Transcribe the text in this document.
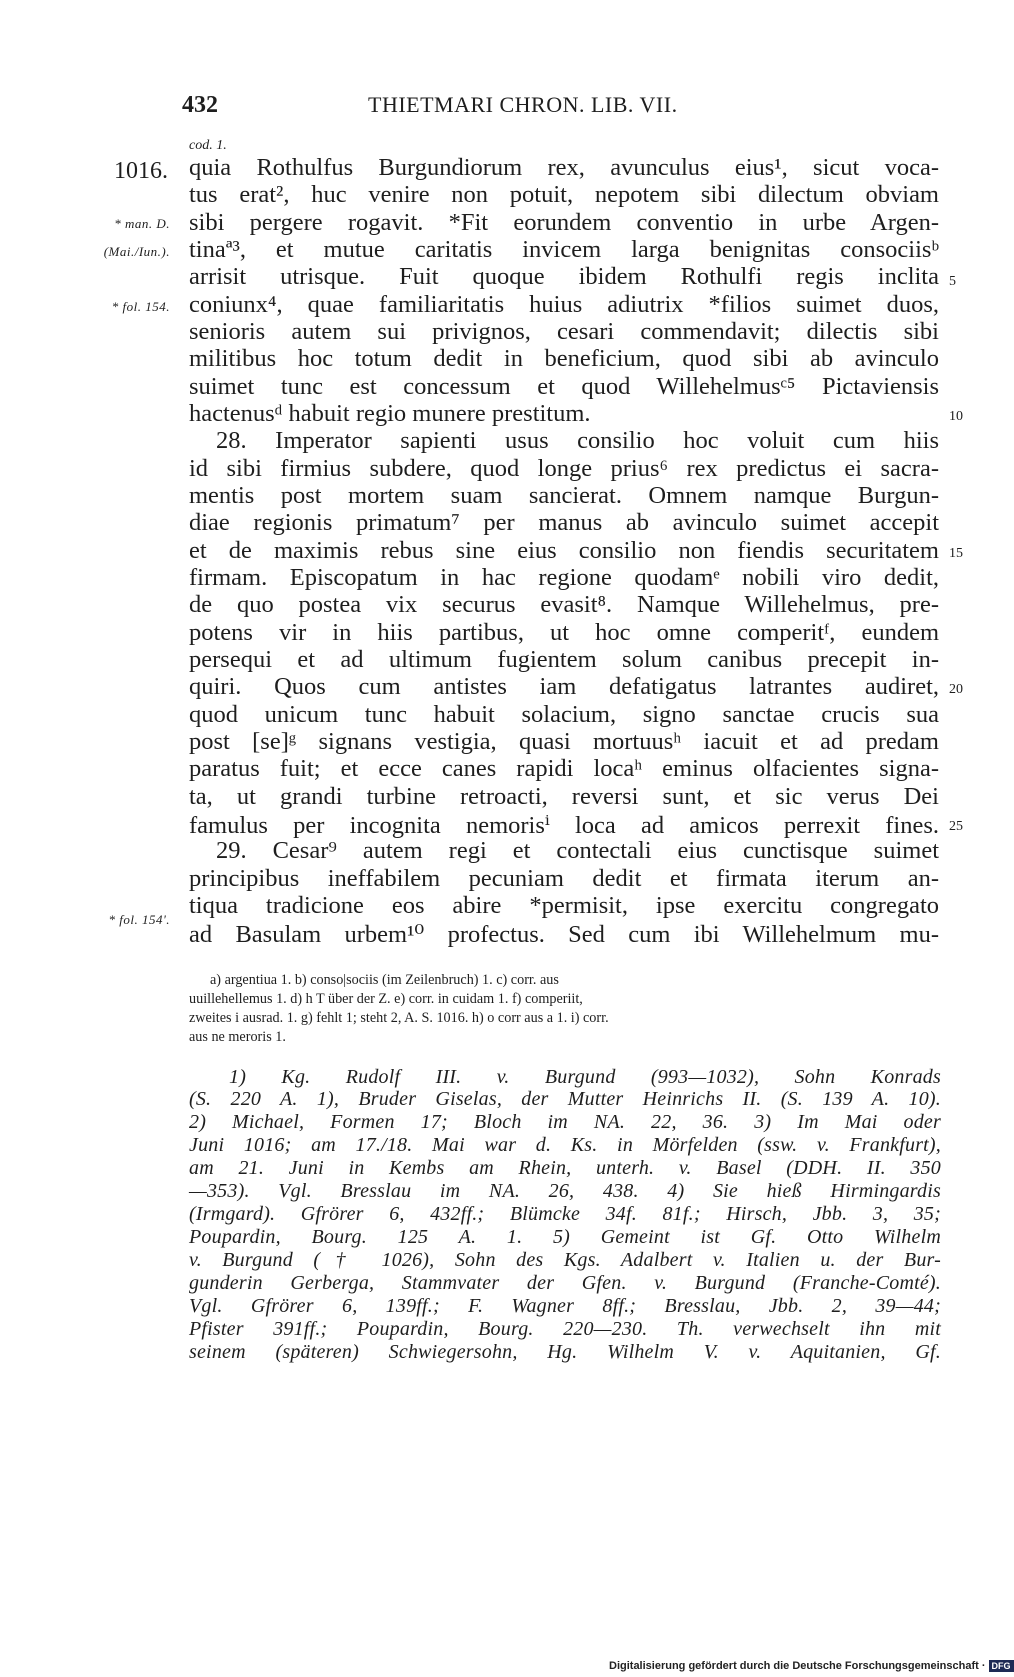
432	THIETMARI CHRON. LIB. VII.
cod. 1.
1016.
* man. D.
(Mai./Iun.).
* fol. 154.
* fol. 154'.
5
10
15
20
25
quia Rothulfus Burgundiorum rex, avunculus eius¹, sicut voca-
tus erat², huc venire non potuit, nepotem sibi dilectum obviam
sibi pergere rogavit. *Fit eorundem conventio in urbe Argen-
tinaª³, et mutue caritatis invicem larga benignitas consociisᵇ
arrisit utrisque. Fuit quoque ibidem Rothulfi regis inclita
coniunx⁴, quae familiaritatis huius adiutrix *filios suimet duos,
senioris autem sui privignos, cesari commendavit; dilectis sibi
militibus hoc totum dedit in beneficium, quod sibi ab avinculo
suimet tunc est concessum et quod Willehelmusᶜ⁵ Pictaviensis
hactenusᵈ habuit regio munere prestitum.
28. Imperator sapienti usus consilio hoc voluit cum hiis
id sibi firmius subdere, quod longe prius⁶ rex predictus ei sacra-
mentis post mortem suam sancierat. Omnem namque Burgun-
diae regionis primatum⁷ per manus ab avinculo suimet accepit
et de maximis rebus sine eius consilio non fiendis securitatem
firmam. Episcopatum in hac regione quodamᵉ nobili viro dedit,
de quo postea vix securus evasit⁸. Namque Willehelmus, pre-
potens vir in hiis partibus, ut hoc omne comperitᶠ, eundem
persequi et ad ultimum fugientem solum canibus precepit in-
quiri. Quos cum antistes iam defatigatus latrantes audiret,
quod unicum tunc habuit solacium, signo sanctae crucis sua
post [se]ᵍ signans vestigia, quasi mortuusʰ iacuit et ad predam
paratus fuit; et ecce canes rapidi locaʰ eminus olfacientes signa-
ta, ut grandi turbine retroacti, reversi sunt, et sic verus Dei
famulus per incognita nemorisⁱ loca ad amicos perrexit fines.
29. Cesar⁹ autem regi et contectali eius cunctisque suimet
principibus ineffabilem pecuniam dedit et firmata iterum an-
tiqua tradicione eos abire *permisit, ipse exercitu congregato
ad Basulam urbem¹⁰ profectus. Sed cum ibi Willehelmum mu-
a) argentiua 1. b) conso|sociis (im Zeilenbruch) 1. c) corr. aus
uuillehellemus 1. d) h T über der Z. e) corr. in cuidam 1. f) comperiit,
zweites i ausrad. 1. g) fehlt 1; steht 2, A. S. 1016. h) o corr aus a 1. i) corr.
aus ne meroris 1.
1) Kg. Rudolf III. v. Burgund (993—1032), Sohn Konrads
(S. 220 A. 1), Bruder Giselas, der Mutter Heinrichs II. (S. 139 A. 10).
2) Michael, Formen 17; Bloch im NA. 22, 36. 3) Im Mai oder
Juni 1016; am 17./18. Mai war d. Ks. in Mörfelden (ssw. v. Frankfurt),
am 21. Juni in Kembs am Rhein, unterh. v. Basel (DDH. II. 350
—353). Vgl. Bresslau im NA. 26, 438. 4) Sie hieß Hirmingardis
(Irmgard). Gfrörer 6, 432ff.; Blümcke 34f. 81f.; Hirsch, Jbb. 3, 35;
Poupardin, Bourg. 125 A. 1. 5) Gemeint ist Gf. Otto Wilhelm
v. Burgund († 1026), Sohn des Kgs. Adalbert v. Italien u. der Bur-
gunderin Gerberga, Stammvater der Gfen. v. Burgund (Franche-Comté).
Vgl. Gfrörer 6, 139ff.; F. Wagner 8ff.; Bresslau, Jbb. 2, 39—44;
Pfister 391ff.; Poupardin, Bourg. 220—230. Th. verwechselt ihn mit
seinem (späteren) Schwiegersohn, Hg. Wilhelm V. v. Aquitanien, Gf.
Digitalisierung gefördert durch die Deutsche Forschungsgemeinschaft · DFG
